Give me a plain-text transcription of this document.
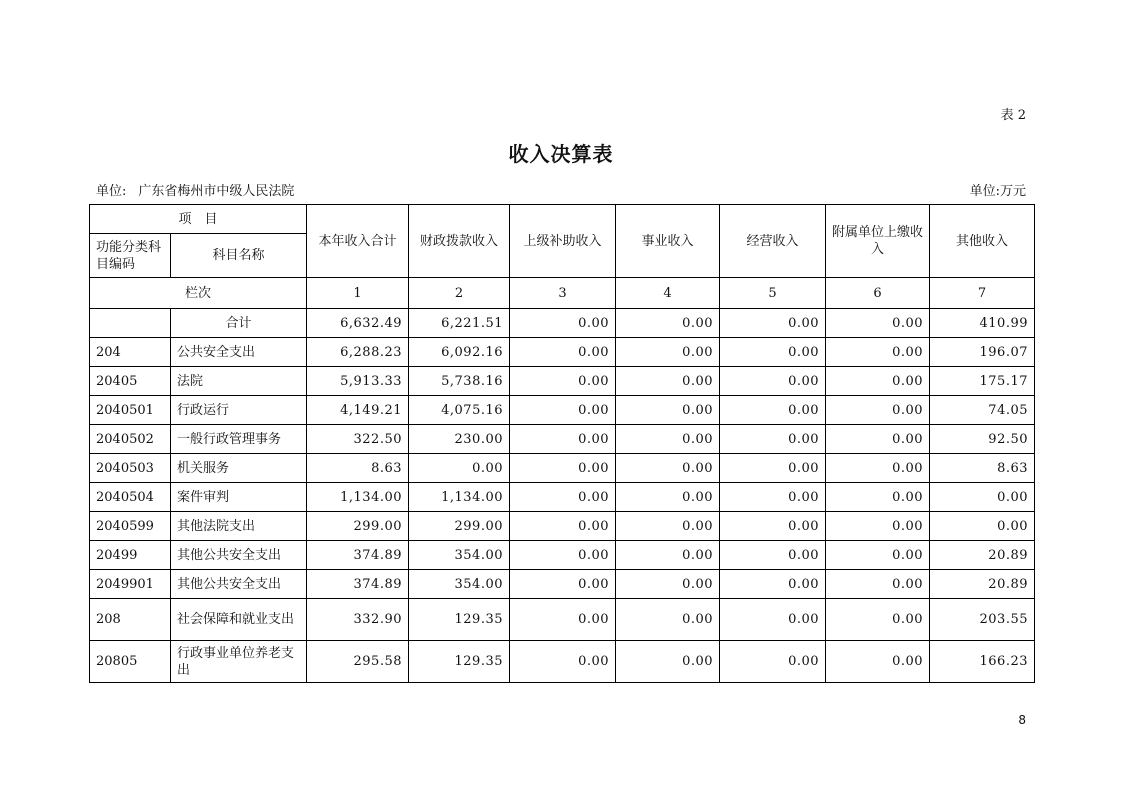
表 2
收入决算表
单位: 广东省梅州市中级人民法院	单位:万元
项　目		本年收入合计	财政拨款收入	上级补助收入	事业收入	经营收入	附属单位上缴收入	其他收入
功能分类科目编码	科目名称							
栏次		1	2	3	4	5	6	7
	合计	6,632.49	6,221.51	0.00	0.00	0.00	0.00	410.99
204	公共安全支出	6,288.23	6,092.16	0.00	0.00	0.00	0.00	196.07
20405	法院	5,913.33	5,738.16	0.00	0.00	0.00	0.00	175.17
2040501	行政运行	4,149.21	4,075.16	0.00	0.00	0.00	0.00	74.05
2040502	一般行政管理事务	322.50	230.00	0.00	0.00	0.00	0.00	92.50
2040503	机关服务	8.63	0.00	0.00	0.00	0.00	0.00	8.63
2040504	案件审判	1,134.00	1,134.00	0.00	0.00	0.00	0.00	0.00
2040599	其他法院支出	299.00	299.00	0.00	0.00	0.00	0.00	0.00
20499	其他公共安全支出	374.89	354.00	0.00	0.00	0.00	0.00	20.89
2049901	其他公共安全支出	374.89	354.00	0.00	0.00	0.00	0.00	20.89
208	社会保障和就业支出	332.90	129.35	0.00	0.00	0.00	0.00	203.55
20805	行政事业单位养老支出	295.58	129.35	0.00	0.00	0.00	0.00	166.23
8
